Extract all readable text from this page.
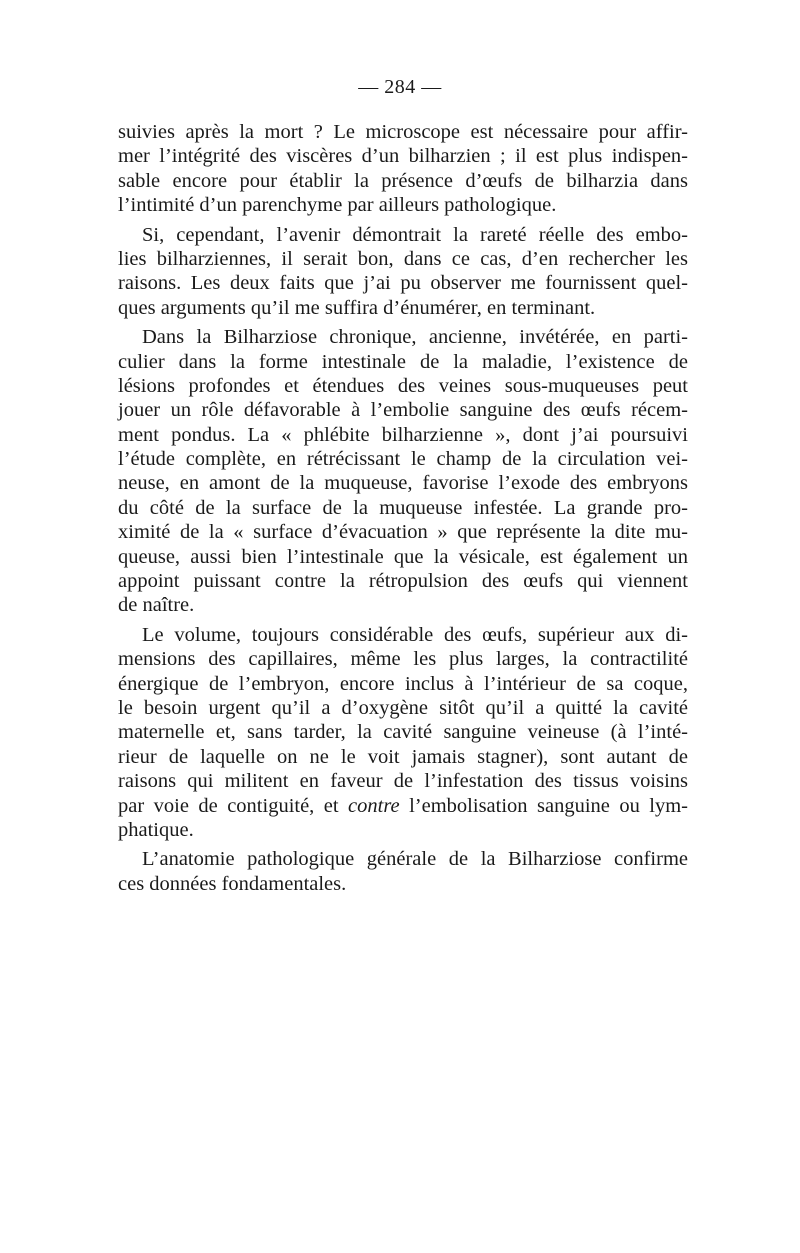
— 284 —
suivies après la mort ? Le microscope est nécessaire pour affir-
mer l’intégrité des viscères d’un bilharzien ; il est plus indispen-
sable encore pour établir la présence d’œufs de bilharzia dans
l’intimité d’un parenchyme par ailleurs pathologique.
Si, cependant, l’avenir démontrait la rareté réelle des embo-
lies bilharziennes, il serait bon, dans ce cas, d’en rechercher les
raisons. Les deux faits que j’ai pu observer me fournissent quel-
ques arguments qu’il me suffira d’énumérer, en terminant.
Dans la Bilharziose chronique, ancienne, invétérée, en parti-
culier dans la forme intestinale de la maladie, l’existence de
lésions profondes et étendues des veines sous-muqueuses peut
jouer un rôle défavorable à l’embolie sanguine des œufs récem-
ment pondus. La « phlébite bilharzienne », dont j’ai poursuivi
l’étude complète, en rétrécissant le champ de la circulation vei-
neuse, en amont de la muqueuse, favorise l’exode des embryons
du côté de la surface de la muqueuse infestée. La grande pro-
ximité de la « surface d’évacuation » que représente la dite mu-
queuse, aussi bien l’intestinale que la vésicale, est également un
appoint puissant contre la rétropulsion des œufs qui viennent
de naître.
Le volume, toujours considérable des œufs, supérieur aux di-
mensions des capillaires, même les plus larges, la contractilité
énergique de l’embryon, encore inclus à l’intérieur de sa coque,
le besoin urgent qu’il a d’oxygène sitôt qu’il a quitté la cavité
maternelle et, sans tarder, la cavité sanguine veineuse (à l’inté-
rieur de laquelle on ne le voit jamais stagner), sont autant de
raisons qui militent en faveur de l’infestation des tissus voisins
par voie de contiguité, et contre l’embolisation sanguine ou lym-
phatique.
L’anatomie pathologique générale de la Bilharziose confirme
ces données fondamentales.
